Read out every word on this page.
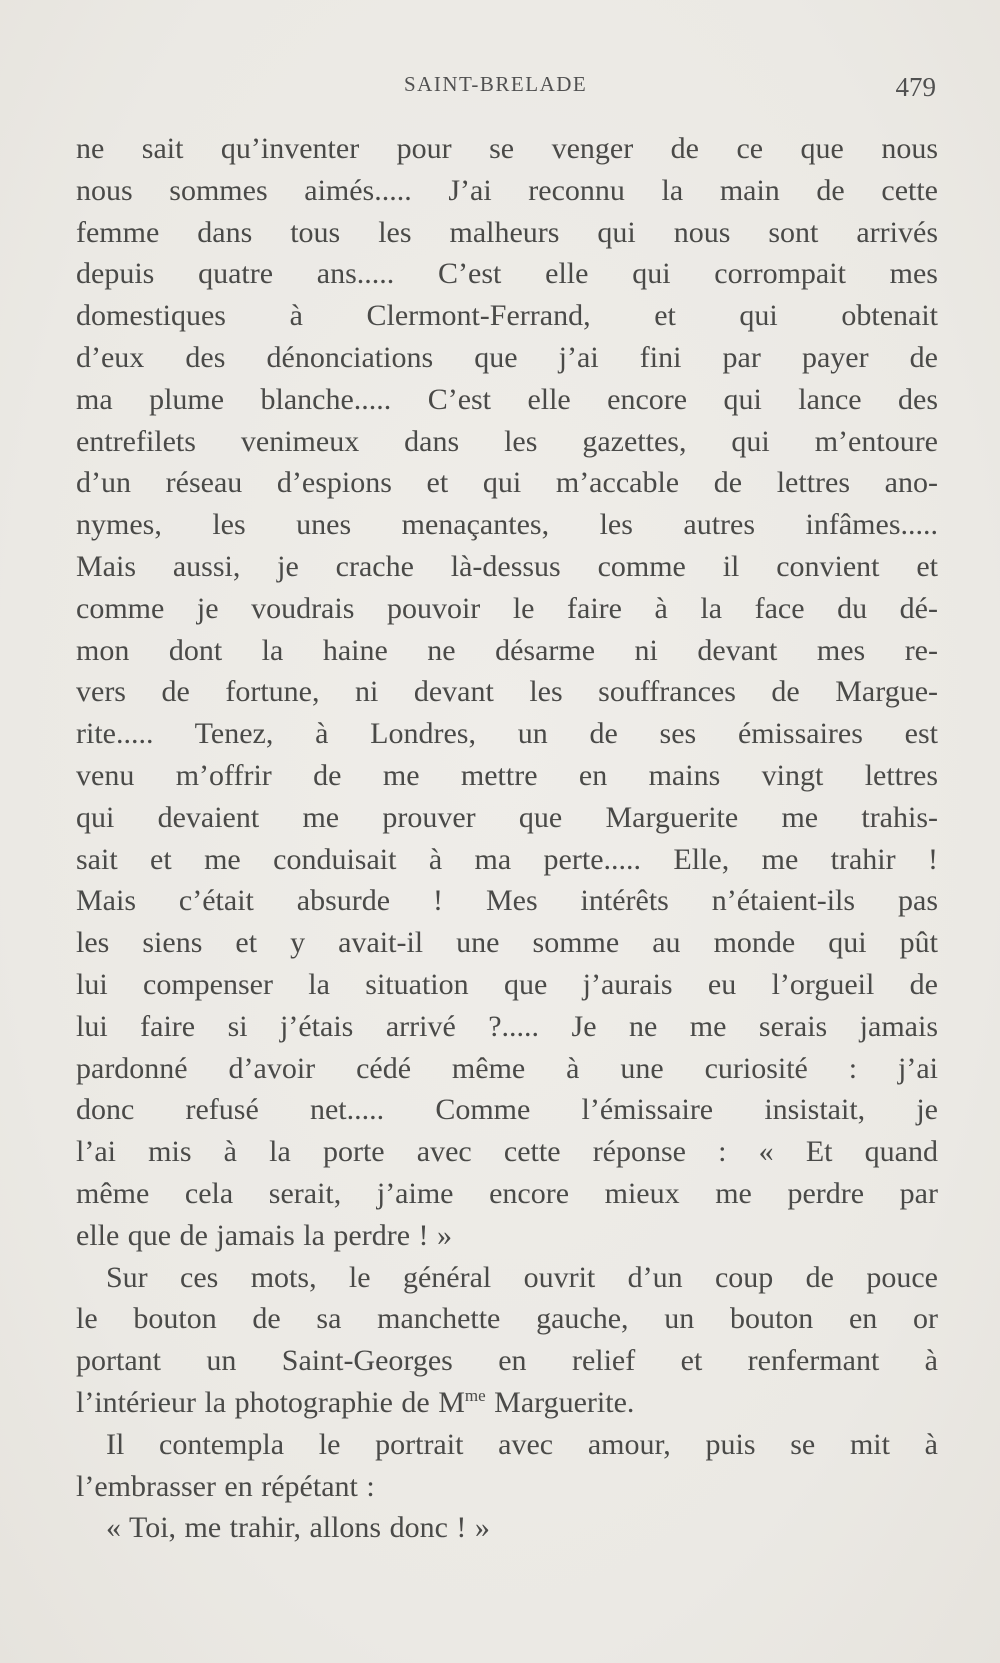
SAINT-BRELADE	479
ne sait qu’inventer pour se venger de ce que nous
nous sommes aimés..... J’ai reconnu la main de cette
femme dans tous les malheurs qui nous sont arrivés
depuis quatre ans..... C’est elle qui corrompait mes
domestiques à Clermont-Ferrand, et qui obtenait
d’eux des dénonciations que j’ai fini par payer de
ma plume blanche..... C’est elle encore qui lance des
entrefilets venimeux dans les gazettes, qui m’entoure
d’un réseau d’espions et qui m’accable de lettres ano-
nymes, les unes menaçantes, les autres infâmes.....
Mais aussi, je crache là-dessus comme il convient et
comme je voudrais pouvoir le faire à la face du dé-
mon dont la haine ne désarme ni devant mes re-
vers de fortune, ni devant les souffrances de Margue-
rite..... Tenez, à Londres, un de ses émissaires est
venu m’offrir de me mettre en mains vingt lettres
qui devaient me prouver que Marguerite me trahis-
sait et me conduisait à ma perte..... Elle, me trahir !
Mais c’était absurde ! Mes intérêts n’étaient-ils pas
les siens et y avait-il une somme au monde qui pût
lui compenser la situation que j’aurais eu l’orgueil de
lui faire si j’étais arrivé ?..... Je ne me serais jamais
pardonné d’avoir cédé même à une curiosité : j’ai
donc refusé net..... Comme l’émissaire insistait, je
l’ai mis à la porte avec cette réponse : « Et quand
même cela serait, j’aime encore mieux me perdre par
elle que de jamais la perdre ! »
Sur ces mots, le général ouvrit d’un coup de pouce
le bouton de sa manchette gauche, un bouton en or
portant un Saint-Georges en relief et renfermant à
l’intérieur la photographie de $M^{me}$ Marguerite.
Il contempla le portrait avec amour, puis se mit à
l’embrasser en répétant :
« Toi, me trahir, allons donc ! »
